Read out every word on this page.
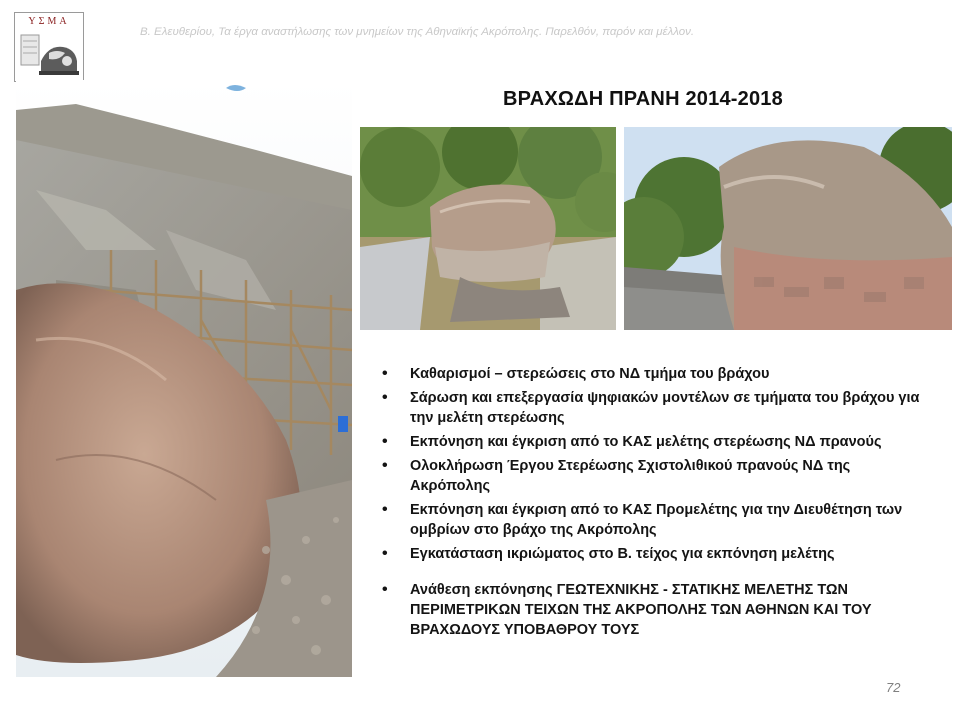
ΥΣΜΑ
Β. Ελευθερίου, Τα έργα αναστήλωσης των μνημείων της Αθηναϊκής Ακρόπολης. Παρελθόν, παρόν και μέλλον.
ΒΡΑΧΩΔΗ ΠΡΑΝΗ 2014-2018
• Καθαρισμοί – στερεώσεις στο ΝΔ τμήμα του βράχου
• Σάρωση και επεξεργασία ψηφιακών μοντέλων σε τμήματα του βράχου για την μελέτη στερέωσης
• Εκπόνηση και έγκριση από το ΚΑΣ μελέτης στερέωσης ΝΔ πρανούς
• Ολοκλήρωση Έργου Στερέωσης Σχιστολιθικού πρανούς ΝΔ της Ακρόπολης
• Εκπόνηση και έγκριση από το ΚΑΣ Προμελέτης για την Διευθέτηση των ομβρίων στο βράχο της Ακρόπολης
• Εγκατάσταση ικριώματος στο Β. τείχος για εκπόνηση μελέτης
• Ανάθεση εκπόνησης ΓΕΩΤΕΧΝΙΚΗΣ - ΣΤΑΤΙΚΗΣ ΜΕΛΕΤΗΣ ΤΩΝ ΠΕΡΙΜΕΤΡΙΚΩΝ ΤΕΙΧΩΝ ΤΗΣ ΑΚΡΟΠΟΛΗΣ ΤΩΝ ΑΘΗΝΩΝ ΚΑΙ ΤΟΥ ΒΡΑΧΩΔΟΥΣ ΥΠΟΒΑΘΡΟΥ ΤΟΥΣ
72
